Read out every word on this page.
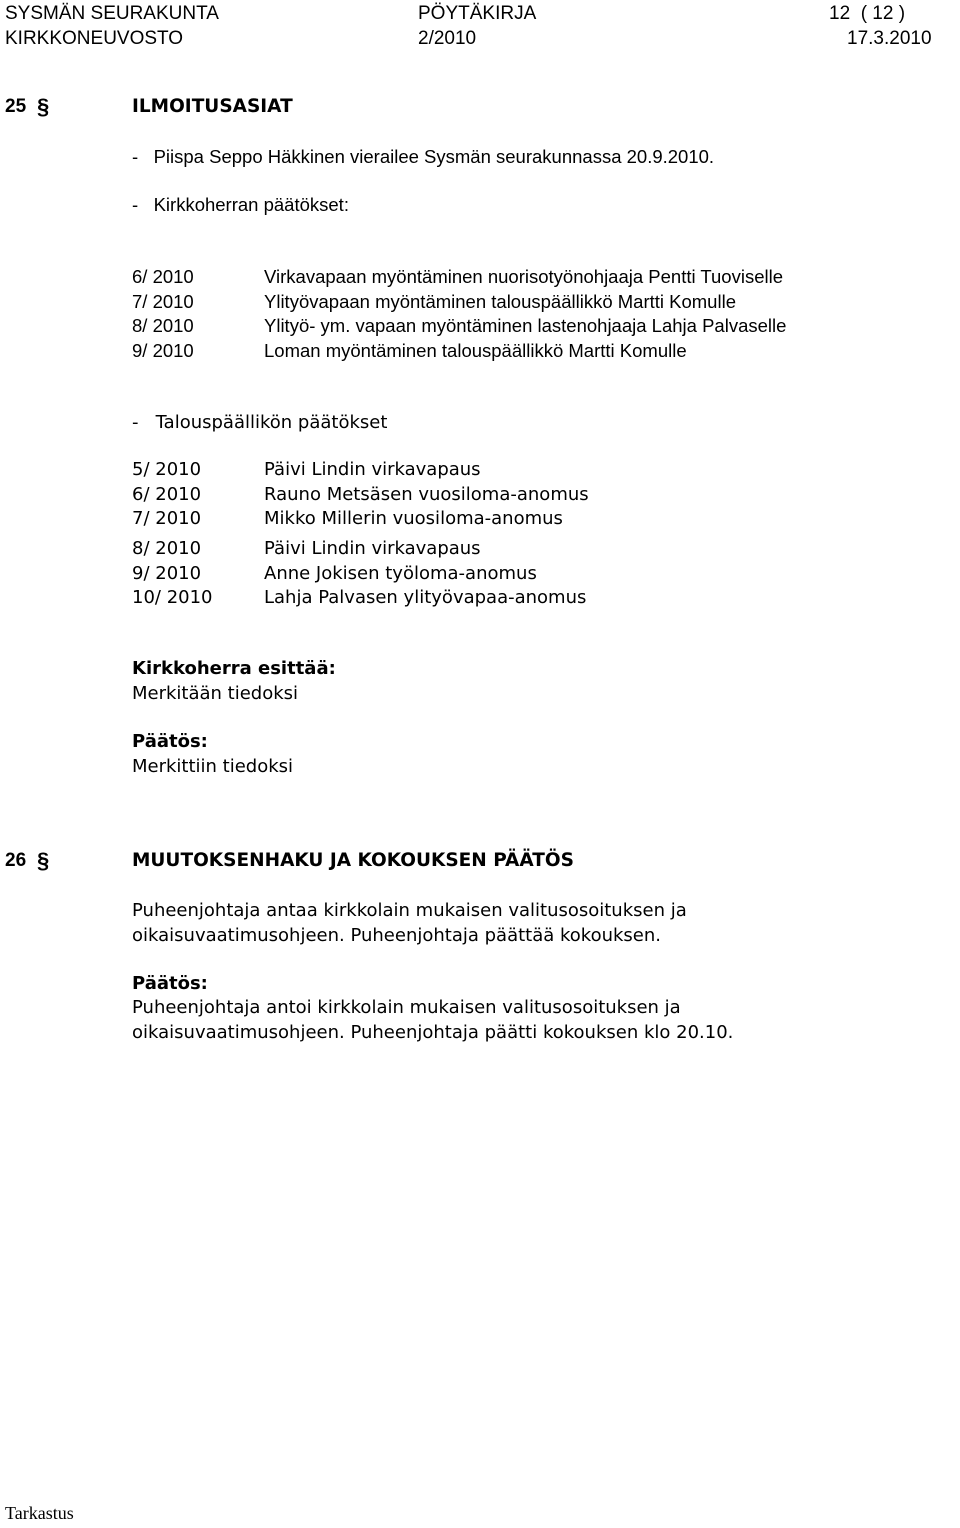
SYSMÄN SEURAKUNTA	PÖYTÄKIRJA	12  ( 12 )
KIRKKONEUVOSTO	2/2010	17.3.2010
25 §	ILMOITUSASIAT
-   Piispa Seppo Häkkinen vierailee Sysmän seurakunnassa 20.9.2010.
-   Kirkkoherran päätökset:
6/ 2010	Virkavapaan myöntäminen nuorisotyönohjaaja Pentti Tuoviselle
7/ 2010	Ylityövapaan myöntäminen talouspäällikkö Martti Komulle
8/ 2010	Ylityö- ym. vapaan myöntäminen lastenohjaaja Lahja Palvaselle
9/ 2010	Loman myöntäminen talouspäällikkö Martti Komulle
-   Talouspäällikön päätökset
5/ 2010	Päivi Lindin virkavapaus
6/ 2010	Rauno Metsäsen vuosiloma-anomus
7/ 2010	Mikko Millerin vuosiloma-anomus
8/ 2010	Päivi Lindin virkavapaus
9/ 2010	Anne Jokisen työloma-anomus
10/ 2010	Lahja Palvasen ylityövapaa-anomus
Kirkkoherra esittää:
Merkitään tiedoksi
Päätös:
Merkittiin tiedoksi
26 §	MUUTOKSENHAKU JA KOKOUKSEN PÄÄTÖS
Puheenjohtaja antaa kirkkolain mukaisen valitusosoituksen ja
oikaisuvaatimusohjeen. Puheenjohtaja päättää kokouksen.
Päätös:
Puheenjohtaja antoi kirkkolain mukaisen valitusosoituksen ja
oikaisuvaatimusohjeen. Puheenjohtaja päätti kokouksen klo 20.10.
Tarkastus
